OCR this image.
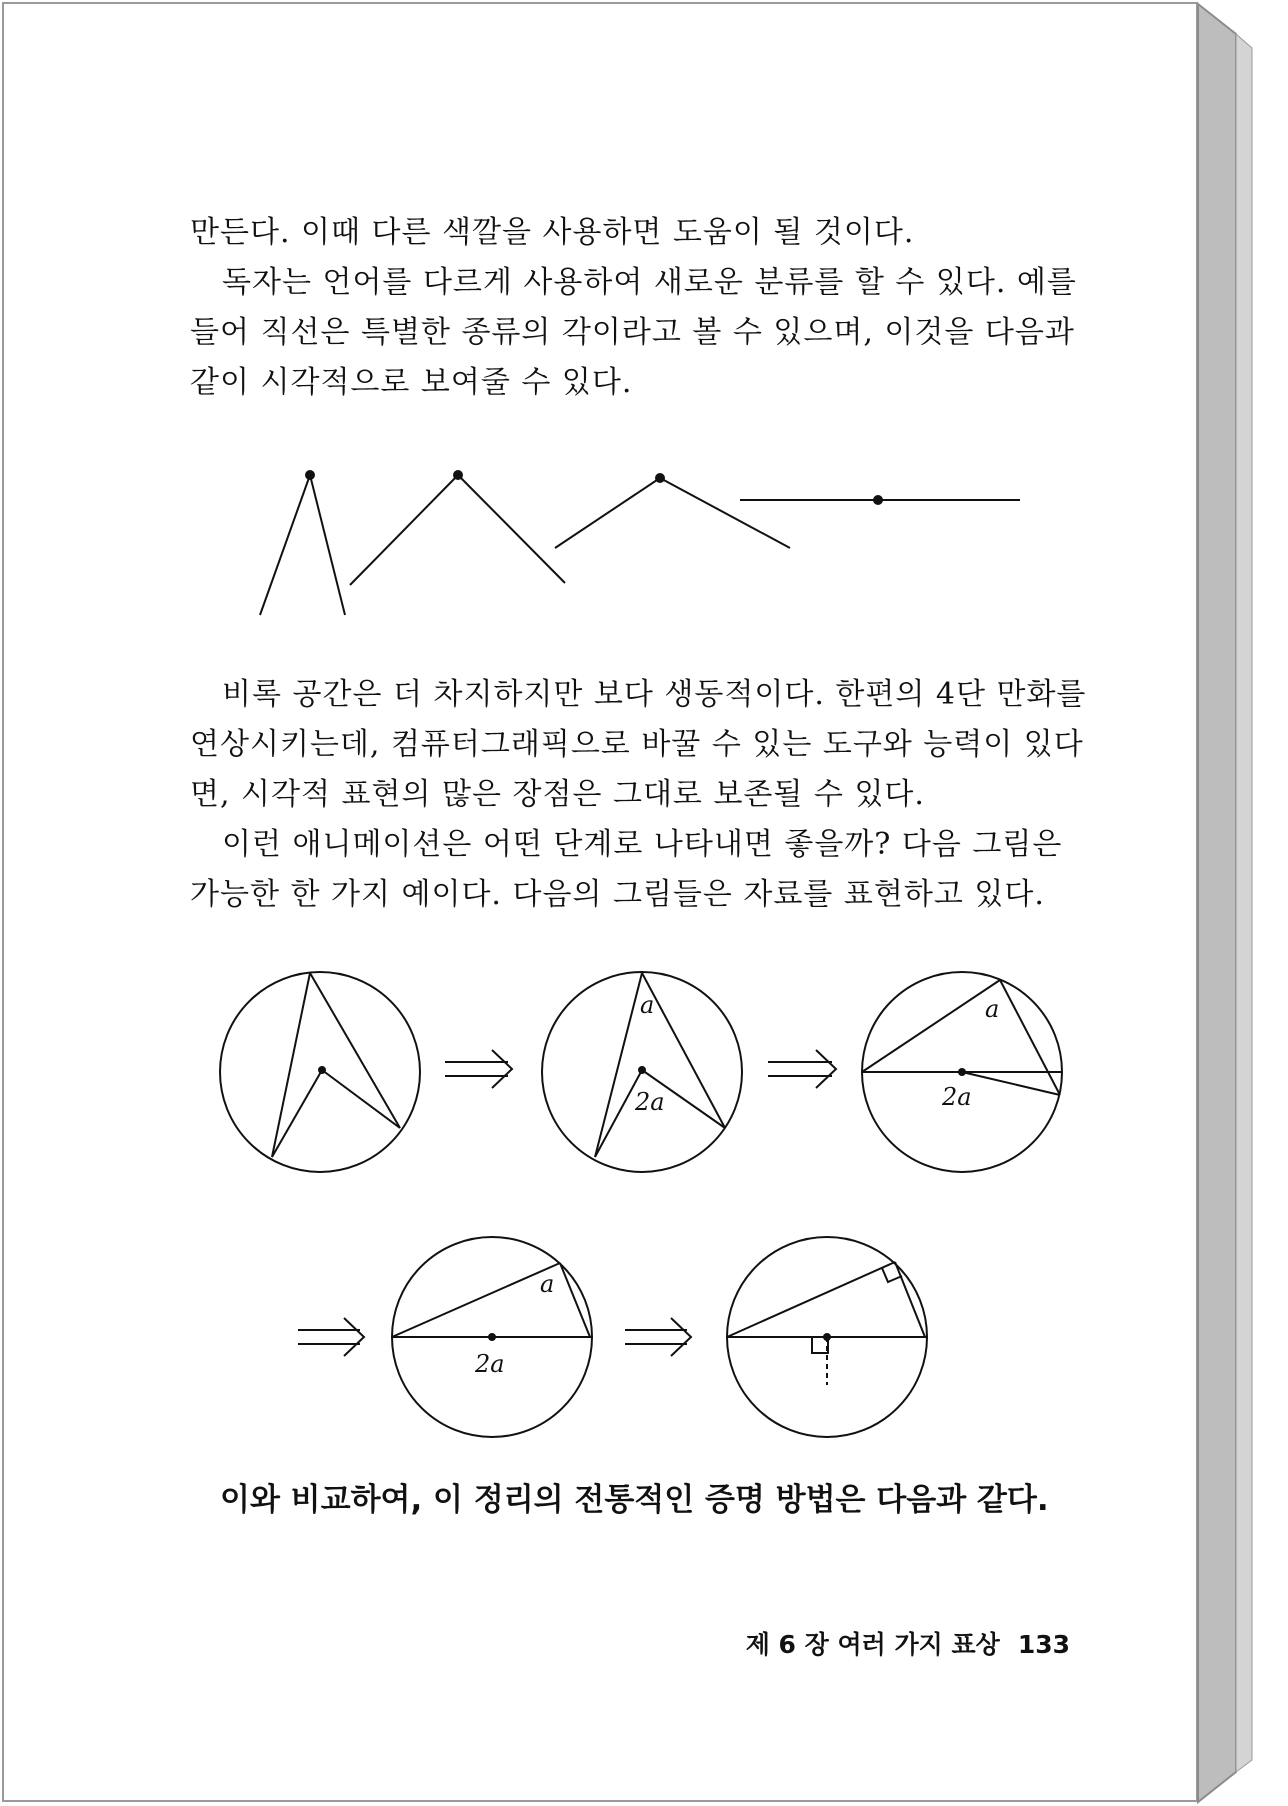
만든다. 이때 다른 색깔을 사용하면 도움이 될 것이다.
독자는 언어를 다르게 사용하여 새로운 분류를 할 수 있다. 예를
들어 직선은 특별한 종류의 각이라고 볼 수 있으며, 이것을 다음과
같이 시각적으로 보여줄 수 있다.
비록 공간은 더 차지하지만 보다 생동적이다. 한편의 4단 만화를
연상시키는데, 컴퓨터그래픽으로 바꿀 수 있는 도구와 능력이 있다
면, 시각적 표현의 많은 장점은 그대로 보존될 수 있다.
이런 애니메이션은 어떤 단계로 나타내면 좋을까? 다음 그림은
가능한 한 가지 예이다. 다음의 그림들은 자료를 표현하고 있다.
a
2a
a
2a
a
2a
이와 비교하여, 이 정리의 전통적인 증명 방법은 다음과 같다.
제 6 장 여러 가지 표상 133
